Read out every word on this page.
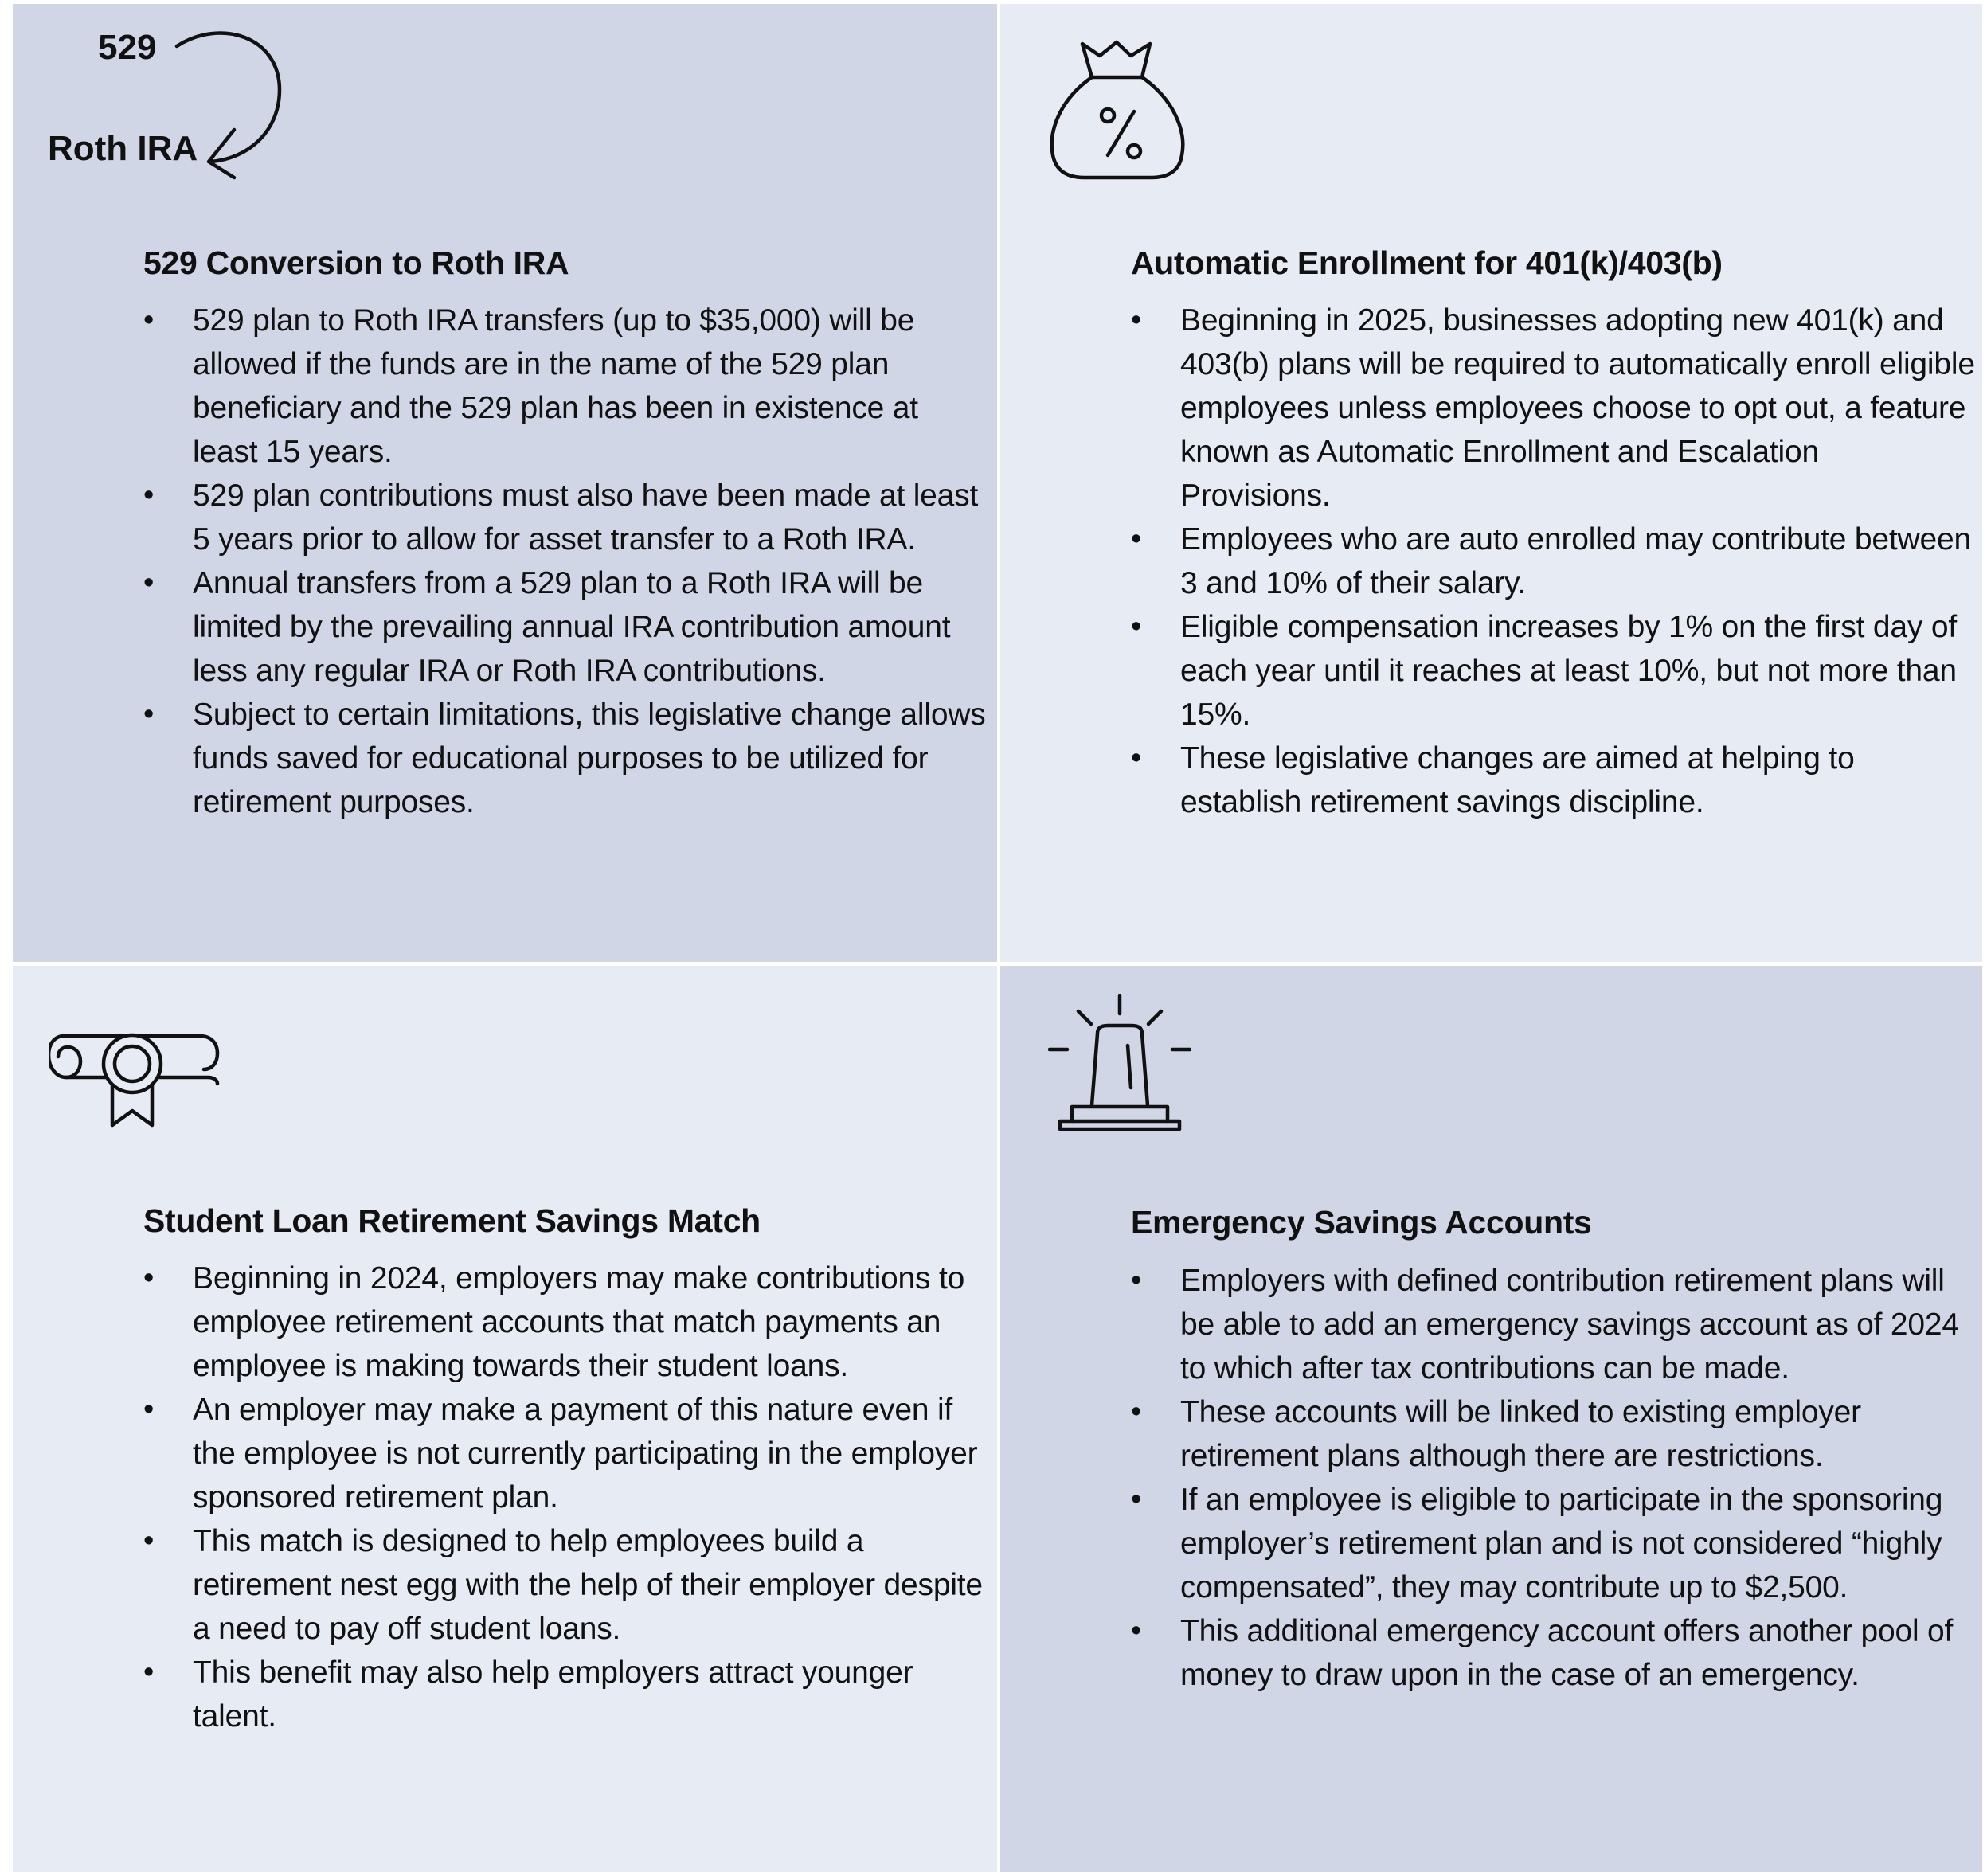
529
Roth IRA
529 Conversion to Roth IRA
• 529 plan to Roth IRA transfers (up to $35,000) will be allowed if the funds are in the name of the 529 plan beneficiary and the 529 plan has been in existence at least 15 years.
• 529 plan contributions must also have been made at least 5 years prior to allow for asset transfer to a Roth IRA.
• Annual transfers from a 529 plan to a Roth IRA will be limited by the prevailing annual IRA contribution amount less any regular IRA or Roth IRA contributions.
• Subject to certain limitations, this legislative change allows funds saved for educational purposes to be utilized for retirement purposes.
Automatic Enrollment for 401(k)/403(b)
• Beginning in 2025, businesses adopting new 401(k) and 403(b) plans will be required to automatically enroll eligible employees unless employees choose to opt out, a feature known as Automatic Enrollment and Escalation Provisions.
• Employees who are auto enrolled may contribute between 3 and 10% of their salary.
• Eligible compensation increases by 1% on the first day of each year until it reaches at least 10%, but not more than 15%.
• These legislative changes are aimed at helping to establish retirement savings discipline.
Student Loan Retirement Savings Match
• Beginning in 2024, employers may make contributions to employee retirement accounts that match payments an employee is making towards their student loans.
• An employer may make a payment of this nature even if the employee is not currently participating in the employer sponsored retirement plan.
• This match is designed to help employees build a retirement nest egg with the help of their employer despite a need to pay off student loans.
• This benefit may also help employers attract younger talent.
Emergency Savings Accounts
• Employers with defined contribution retirement plans will be able to add an emergency savings account as of 2024 to which after tax contributions can be made.
• These accounts will be linked to existing employer retirement plans although there are restrictions.
• If an employee is eligible to participate in the sponsoring employer’s retirement plan and is not considered “highly compensated”, they may contribute up to $2,500.
• This additional emergency account offers another pool of money to draw upon in the case of an emergency.
